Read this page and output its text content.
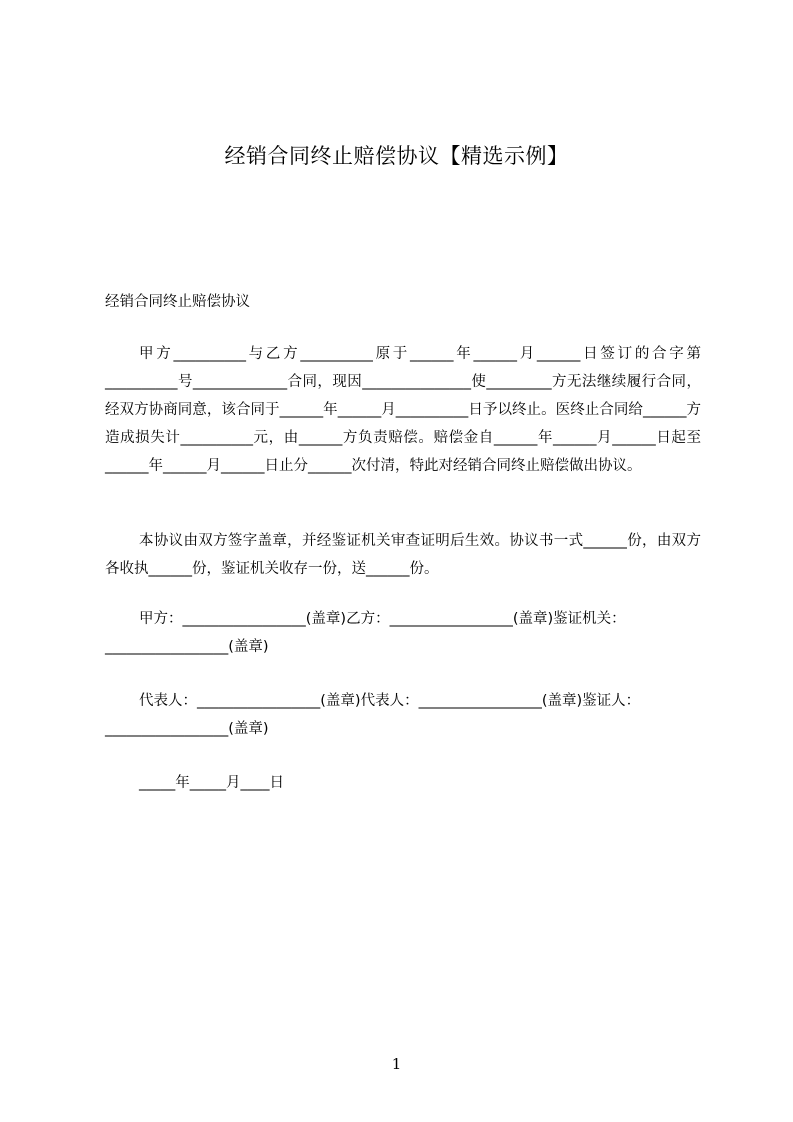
经销合同终止赔偿协议【精选示例】
经销合同终止赔偿协议

甲方__________与乙方__________原于______年______月______日签订的合字第__________号_____________合同，现因_______________使_________方无法继续履行合同，经双方协商同意，该合同于______年______月__________日予以终止。医终止合同给______方造成损失计__________元，由______方负责赔偿。赔偿金自______年______月______日起至______年______月______日止分______次付清，特此对经销合同终止赔偿做出协议。

本协议由双方签字盖章，并经鉴证机关审查证明后生效。协议书一式______份，由双方各收执______份，鉴证机关收存一份，送______份。

甲方：_________________(盖章)乙方：_________________(盖章)鉴证机关：_________________(盖章)

代表人：_________________(盖章)代表人：_________________(盖章)鉴证人：_________________(盖章)

_____年_____月____日

1
